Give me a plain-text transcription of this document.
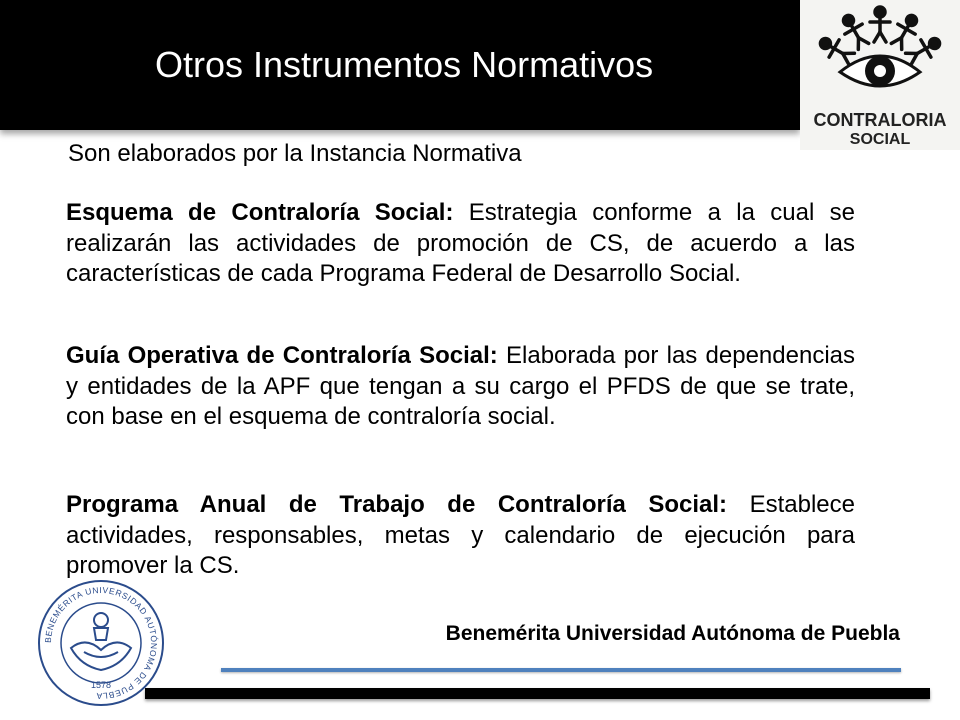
Otros Instrumentos Normativos
CONTRALORIA
SOCIAL
Son elaborados por la Instancia Normativa

Esquema de Contraloría Social: Estrategia conforme a la cual se realizarán las actividades de promoción de CS, de acuerdo a las características de cada Programa Federal de Desarrollo Social.

Guía Operativa de Contraloría Social: Elaborada por las dependencias y entidades de la APF que tengan a su cargo el PFDS de que se trate, con base en el esquema de contraloría social.

Programa Anual de Trabajo de Contraloría Social: Establece actividades, responsables, metas y calendario de ejecución para promover la CS.

BENEMÉRITA UNIVERSIDAD AUTÓNOMA DE PUEBLA
1578
Benemérita Universidad Autónoma de Puebla
